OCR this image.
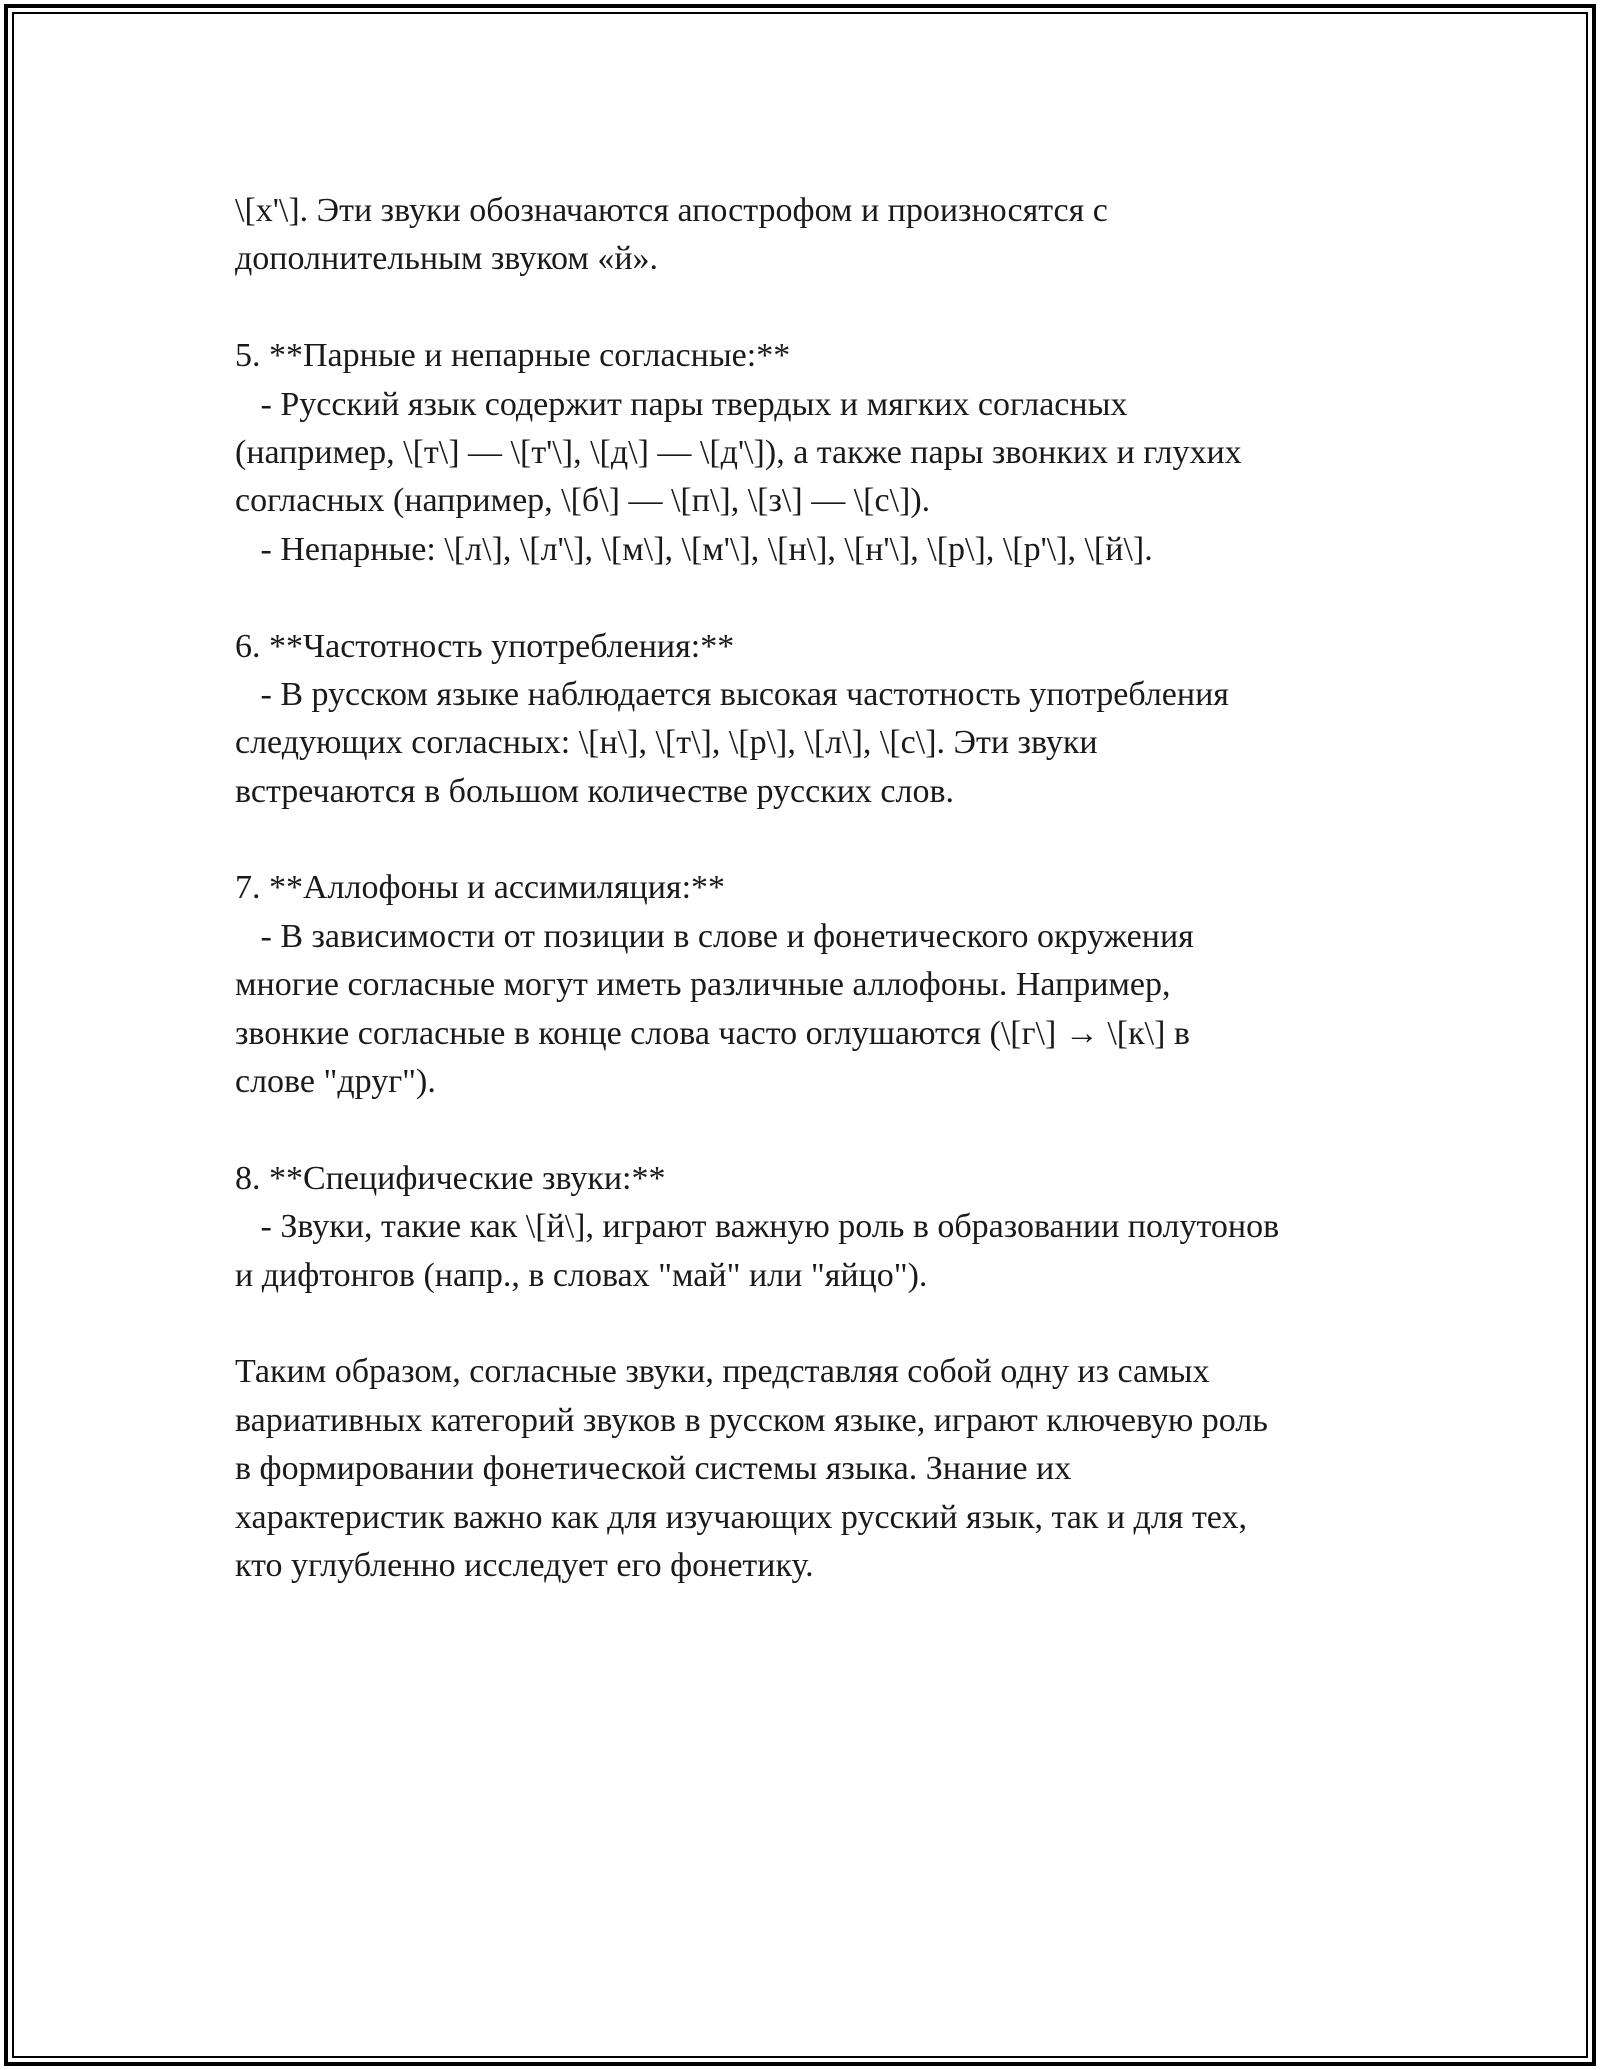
\[х'\]. Эти звуки обозначаются апострофом и произносятся с
дополнительным звуком «й».
5. **Парные и непарные согласные:**
- Русский язык содержит пары твердых и мягких согласных
(например, \[т\] — \[т'\], \[д\] — \[д'\]), а также пары звонких и глухих
согласных (например, \[б\] — \[п\], \[з\] — \[с\]).
- Непарные: \[л\], \[л'\], \[м\], \[м'\], \[н\], \[н'\], \[р\], \[р'\], \[й\].
6. **Частотность употребления:**
- В русском языке наблюдается высокая частотность употребления
следующих согласных: \[н\], \[т\], \[р\], \[л\], \[с\]. Эти звуки
встречаются в большом количестве русских слов.
7. **Аллофоны и ассимиляция:**
- В зависимости от позиции в слове и фонетического окружения
многие согласные могут иметь различные аллофоны. Например,
звонкие согласные в конце слова часто оглушаются (\[г\] → \[к\] в
слове "друг").
8. **Специфические звуки:**
- Звуки, такие как \[й\], играют важную роль в образовании полутонов
и дифтонгов (напр., в словах "май" или "яйцо").
Таким образом, согласные звуки, представляя собой одну из самых
вариативных категорий звуков в русском языке, играют ключевую роль
в формировании фонетической системы языка. Знание их
характеристик важно как для изучающих русский язык, так и для тех,
кто углубленно исследует его фонетику.
